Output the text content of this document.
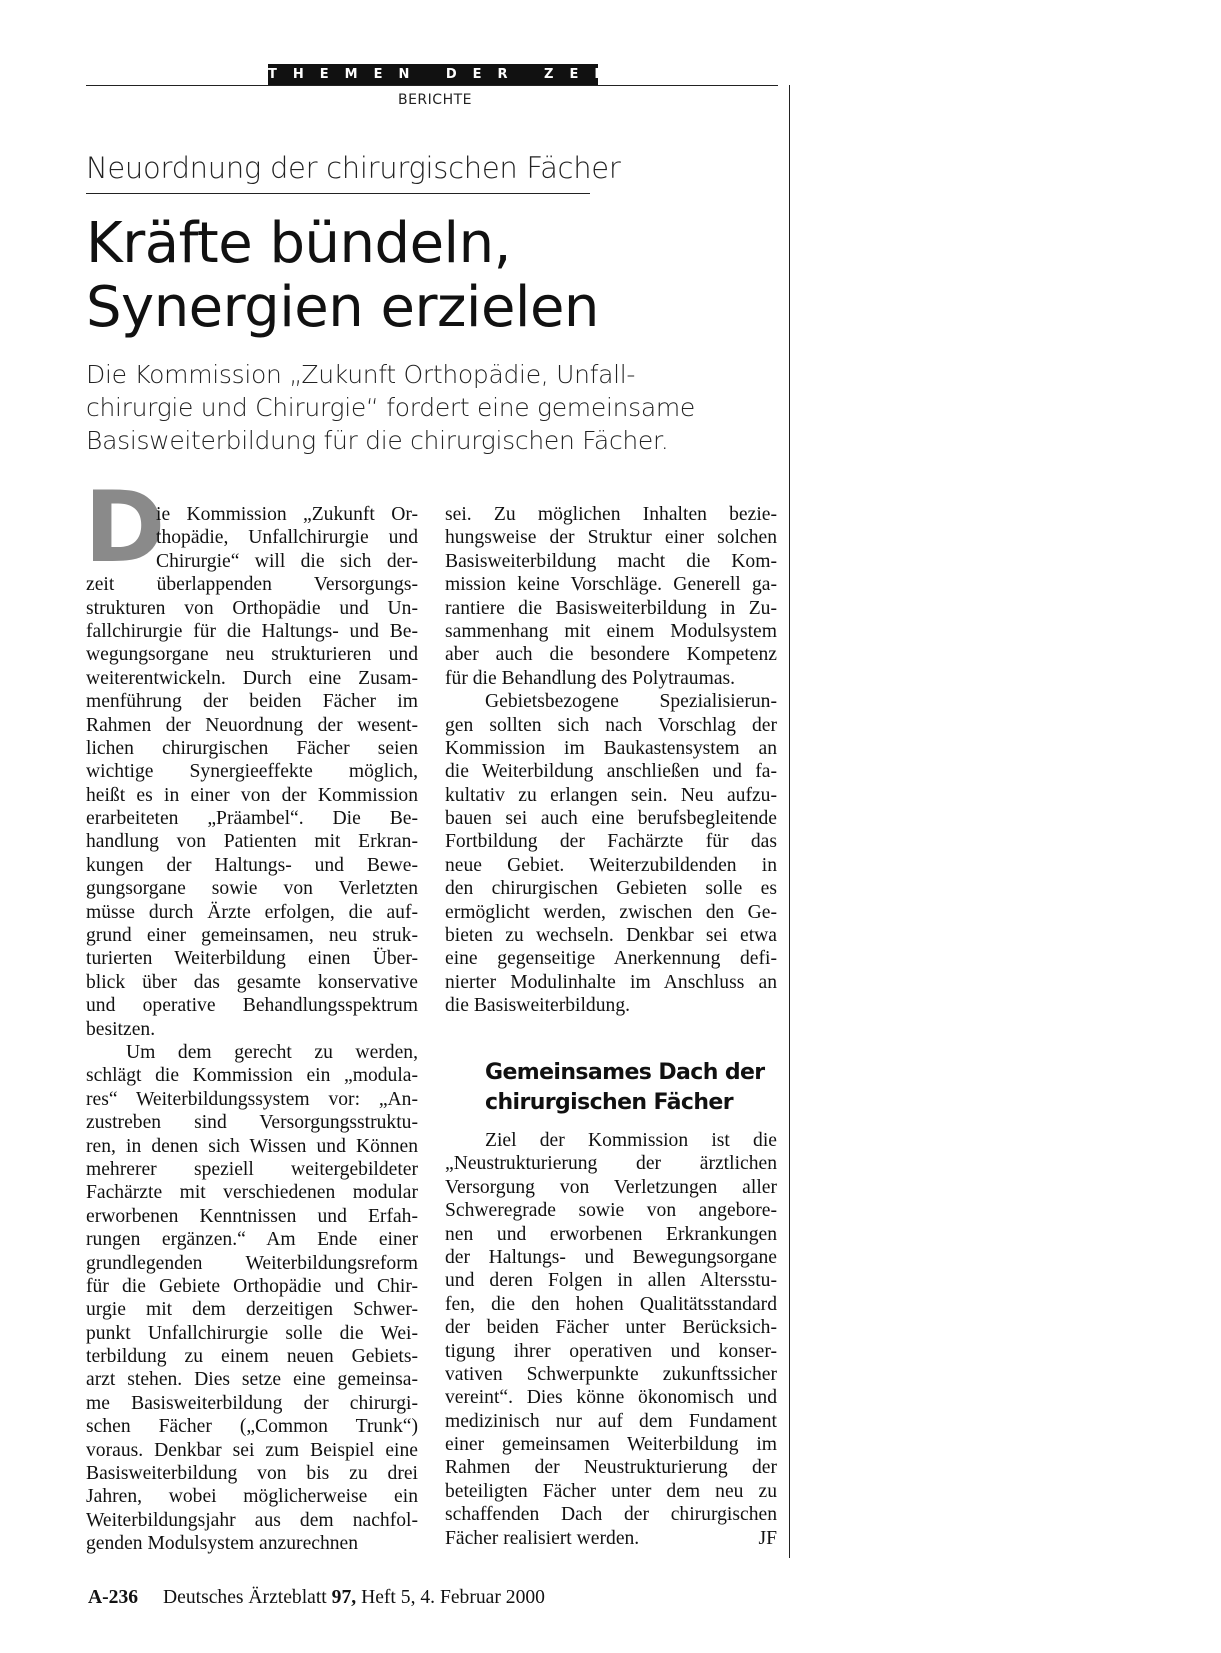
THEMEN DER ZEIT
BERICHTE
Neuordnung der chirurgischen Fächer
Kräfte bündeln,
Synergien erzielen
Die Kommission „Zukunft Orthopädie, Unfall-
chirurgie und Chirurgie“ fordert eine gemeinsame
Basisweiterbildung für die chirurgischen Fächer.
D
ie Kommission „Zukunft Or-
thopädie, Unfallchirurgie und
Chirurgie“ will die sich der-
zeit überlappenden Versorgungs-
strukturen von Orthopädie und Un-
fallchirurgie für die Haltungs- und Be-
wegungsorgane neu strukturieren und
weiterentwickeln. Durch eine Zusam-
menführung der beiden Fächer im
Rahmen der Neuordnung der wesent-
lichen chirurgischen Fächer seien
wichtige Synergieeffekte möglich,
heißt es in einer von der Kommission
erarbeiteten „Präambel“. Die Be-
handlung von Patienten mit Erkran-
kungen der Haltungs- und Bewe-
gungsorgane sowie von Verletzten
müsse durch Ärzte erfolgen, die auf-
grund einer gemeinsamen, neu struk-
turierten Weiterbildung einen Über-
blick über das gesamte konservative
und operative Behandlungsspektrum
besitzen.
Um dem gerecht zu werden,
schlägt die Kommission ein „modula-
res“ Weiterbildungssystem vor: „An-
zustreben sind Versorgungsstruktu-
ren, in denen sich Wissen und Können
mehrerer speziell weitergebildeter
Fachärzte mit verschiedenen modular
erworbenen Kenntnissen und Erfah-
rungen ergänzen.“ Am Ende einer
grundlegenden Weiterbildungsreform
für die Gebiete Orthopädie und Chir-
urgie mit dem derzeitigen Schwer-
punkt Unfallchirurgie solle die Wei-
terbildung zu einem neuen Gebiets-
arzt stehen. Dies setze eine gemeinsa-
me Basisweiterbildung der chirurgi-
schen Fächer („Common Trunk“)
voraus. Denkbar sei zum Beispiel eine
Basisweiterbildung von bis zu drei
Jahren, wobei möglicherweise ein
Weiterbildungsjahr aus dem nachfol-
genden Modulsystem anzurechnen
sei. Zu möglichen Inhalten bezie-
hungsweise der Struktur einer solchen
Basisweiterbildung macht die Kom-
mission keine Vorschläge. Generell ga-
rantiere die Basisweiterbildung in Zu-
sammenhang mit einem Modulsystem
aber auch die besondere Kompetenz
für die Behandlung des Polytraumas.
Gebietsbezogene Spezialisierun-
gen sollten sich nach Vorschlag der
Kommission im Baukastensystem an
die Weiterbildung anschließen und fa-
kultativ zu erlangen sein. Neu aufzu-
bauen sei auch eine berufsbegleitende
Fortbildung der Fachärzte für das
neue Gebiet. Weiterzubildenden in
den chirurgischen Gebieten solle es
ermöglicht werden, zwischen den Ge-
bieten zu wechseln. Denkbar sei etwa
eine gegenseitige Anerkennung defi-
nierter Modulinhalte im Anschluss an
die Basisweiterbildung.
Gemeinsames Dach der
chirurgischen Fächer
Ziel der Kommission ist die
„Neustrukturierung der ärztlichen
Versorgung von Verletzungen aller
Schweregrade sowie von angebore-
nen und erworbenen Erkrankungen
der Haltungs- und Bewegungsorgane
und deren Folgen in allen Altersstu-
fen, die den hohen Qualitätsstandard
der beiden Fächer unter Berücksich-
tigung ihrer operativen und konser-
vativen Schwerpunkte zukunftssicher
vereint“. Dies könne ökonomisch und
medizinisch nur auf dem Fundament
einer gemeinsamen Weiterbildung im
Rahmen der Neustrukturierung der
beteiligten Fächer unter dem neu zu
schaffenden Dach der chirurgischen
Fächer realisiert werden.	JF
A-236 Deutsches Ärzteblatt 97, Heft 5, 4. Februar 2000
